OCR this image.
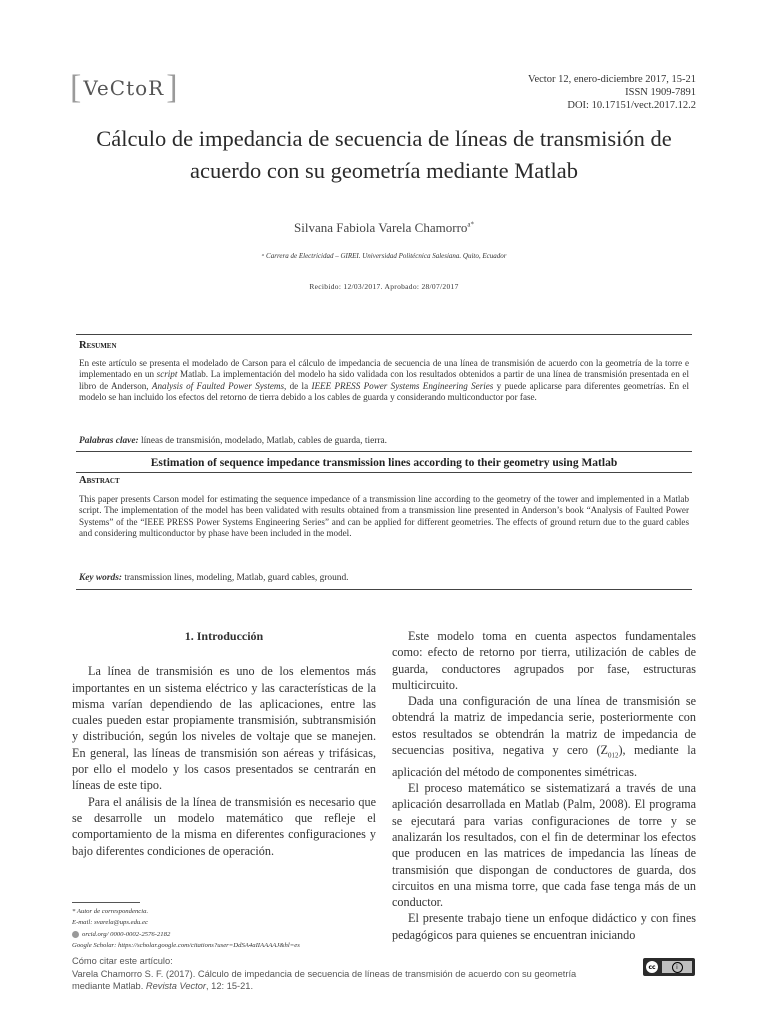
[ VeCtoR ]	Vector 12, enero-diciembre 2017, 15-21
ISSN 1909-7891
DOI: 10.17151/vect.2017.12.2
Cálculo de impedancia de secuencia de líneas de transmisión de acuerdo con su geometría mediante Matlab
Silvana Fabiola Varela Chamorro$^{a*}$
ᵃ Carrera de Electricidad – GIREI. Universidad Politécnica Salesiana. Quito, Ecuador
Recibido: 12/03/2017. Aprobado: 28/07/2017
Resumen
En este artículo se presenta el modelado de Carson para el cálculo de impedancia de secuencia de una línea de transmisión de acuerdo con la geometría de la torre e implementado en un script Matlab. La implementación del modelo ha sido validada con los resultados obtenidos a partir de una línea de transmisión presentada en el libro de Anderson, Analysis of Faulted Power Systems, de la IEEE PRESS Power Systems Engineering Series y puede aplicarse para diferentes geometrías. En el modelo se han incluido los efectos del retorno de tierra debido a los cables de guarda y considerando multiconductor por fase.
Palabras clave: líneas de transmisión, modelado, Matlab, cables de guarda, tierra.
Estimation of sequence impedance transmission lines according to their geometry using Matlab
Abstract
This paper presents Carson model for estimating the sequence impedance of a transmission line according to the geometry of the tower and implemented in a Matlab script. The implementation of the model has been validated with results obtained from a transmission line presented in Anderson’s book “Analysis of Faulted Power Systems” of the “IEEE PRESS Power Systems Engineering Series” and can be applied for different geometries. The effects of ground return due to the guard cables and considering multiconductor by phase have been included in the model.
Key words: transmission lines, modeling, Matlab, guard cables, ground.

1. Introducción

La línea de transmisión es uno de los elementos más importantes en un sistema eléctrico y las características de la misma varían dependiendo de las aplicaciones, entre las cuales pueden estar propiamente transmisión, subtransmisión y distribución, según los niveles de voltaje que se manejen. En general, las líneas de transmisión son aéreas y trifásicas, por ello el modelo y los casos presentados se centrarán en líneas de este tipo.

Para el análisis de la línea de transmisión es necesario que se desarrolle un modelo matemático que refleje el comportamiento de la misma en diferentes configuraciones y bajo diferentes condiciones de operación.

Este modelo toma en cuenta aspectos fundamentales como: efecto de retorno por tierra, utilización de cables de guarda, conductores agrupados por fase, estructuras multicircuito.

Dada una configuración de una línea de transmisión se obtendrá la matriz de impedancia serie, posteriormente con estos resultados se obtendrán la matriz de impedancia de secuencias positiva, negativa y cero $(Z_{012})$, mediante la aplicación del método de componentes simétricas.

El proceso matemático se sistematizará a través de una aplicación desarrollada en Matlab (Palm, 2008). El programa se ejecutará para varias configuraciones de torre y se analizarán los resultados, con el fin de determinar los efectos que producen en las matrices de impedancia las líneas de transmisión que dispongan de conductores de guarda, dos circuitos en una misma torre, que cada fase tenga más de un conductor.

El presente trabajo tiene un enfoque didáctico y con fines pedagógicos para quienes se encuentran iniciando

* Autor de correspondencia.
E-mail: svarela@ups.edu.ec
orcid.org/ 0000-0002-2576-2182
Google Scholar: https://scholar.google.com/citations?user=DdSA4aIIAAAAJ&hl=es
Cómo citar este artículo:
Varela Chamorro S. F. (2017). Cálculo de impedancia de secuencia de líneas de transmisión de acuerdo con su geometría
mediante Matlab. Revista Vector, 12: 15-21.
cc	i
